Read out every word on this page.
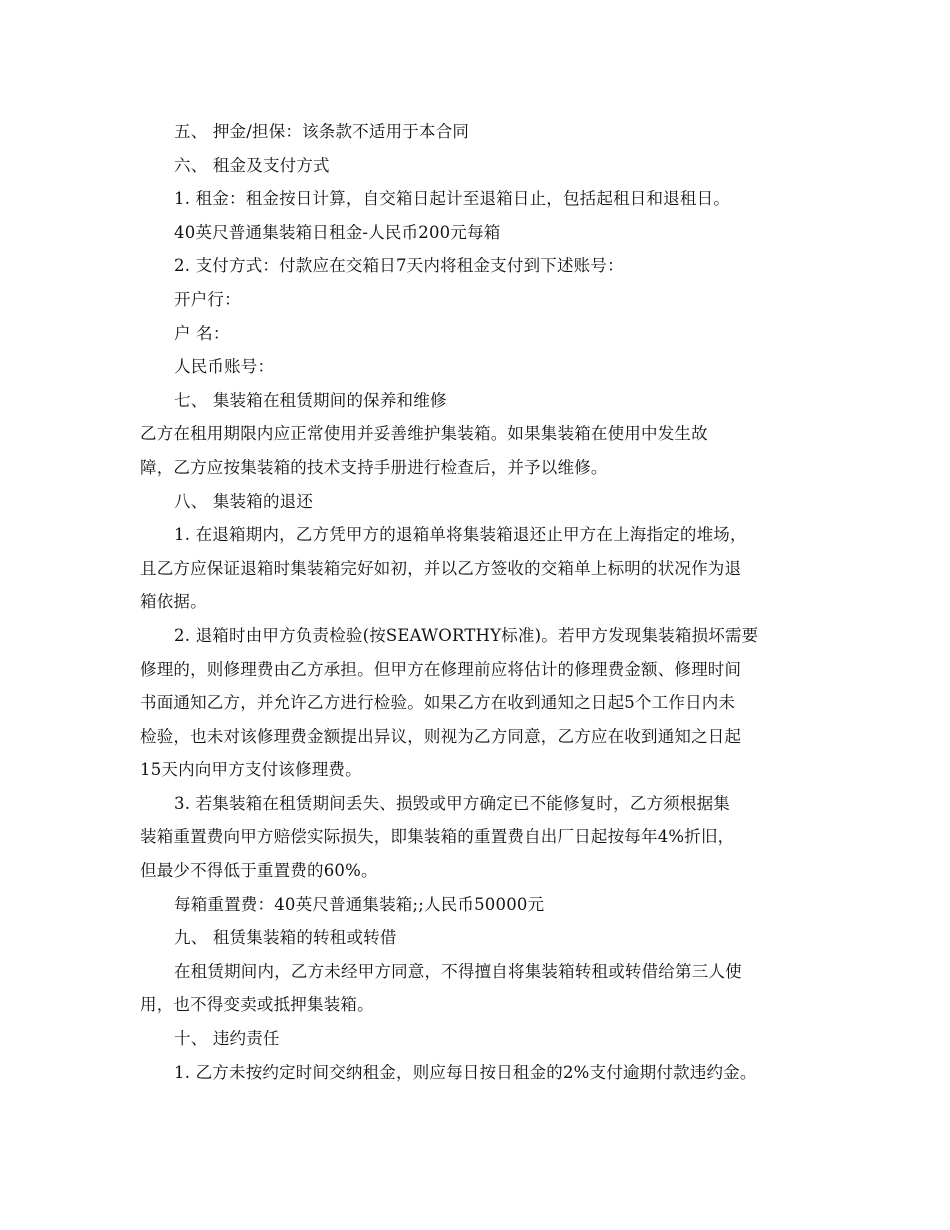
五、 押金/担保：该条款不适用于本合同
六、 租金及支付方式
1. 租金：租金按日计算，自交箱日起计至退箱日止，包括起租日和退租日。
40英尺普通集装箱日租金-人民币200元每箱
2. 支付方式：付款应在交箱日7天内将租金支付到下述账号：
开户行：
户 名：
人民币账号：
七、 集装箱在租赁期间的保养和维修
乙方在租用期限内应正常使用并妥善维护集装箱。如果集装箱在使用中发生故
障，乙方应按集装箱的技术支持手册进行检查后，并予以维修。
八、 集装箱的退还
1. 在退箱期内，乙方凭甲方的退箱单将集装箱退还止甲方在上海指定的堆场，
且乙方应保证退箱时集装箱完好如初，并以乙方签收的交箱单上标明的状况作为退
箱依据。
2. 退箱时由甲方负责检验(按SEAWORTHY标准)。若甲方发现集装箱损坏需要
修理的，则修理费由乙方承担。但甲方在修理前应将估计的修理费金额、修理时间
书面通知乙方，并允许乙方进行检验。如果乙方在收到通知之日起5个工作日内未
检验，也未对该修理费金额提出异议，则视为乙方同意，乙方应在收到通知之日起
15天内向甲方支付该修理费。
3. 若集装箱在租赁期间丢失、损毁或甲方确定已不能修复时，乙方须根据集
装箱重置费向甲方赔偿实际损失，即集装箱的重置费自出厂日起按每年4%折旧，
但最少不得低于重置费的60%。
每箱重置费：40英尺普通集装箱;;人民币50000元
九、 租赁集装箱的转租或转借
在租赁期间内，乙方未经甲方同意，不得擅自将集装箱转租或转借给第三人使
用，也不得变卖或抵押集装箱。
十、 违约责任
1. 乙方未按约定时间交纳租金，则应每日按日租金的2%支付逾期付款违约金。
